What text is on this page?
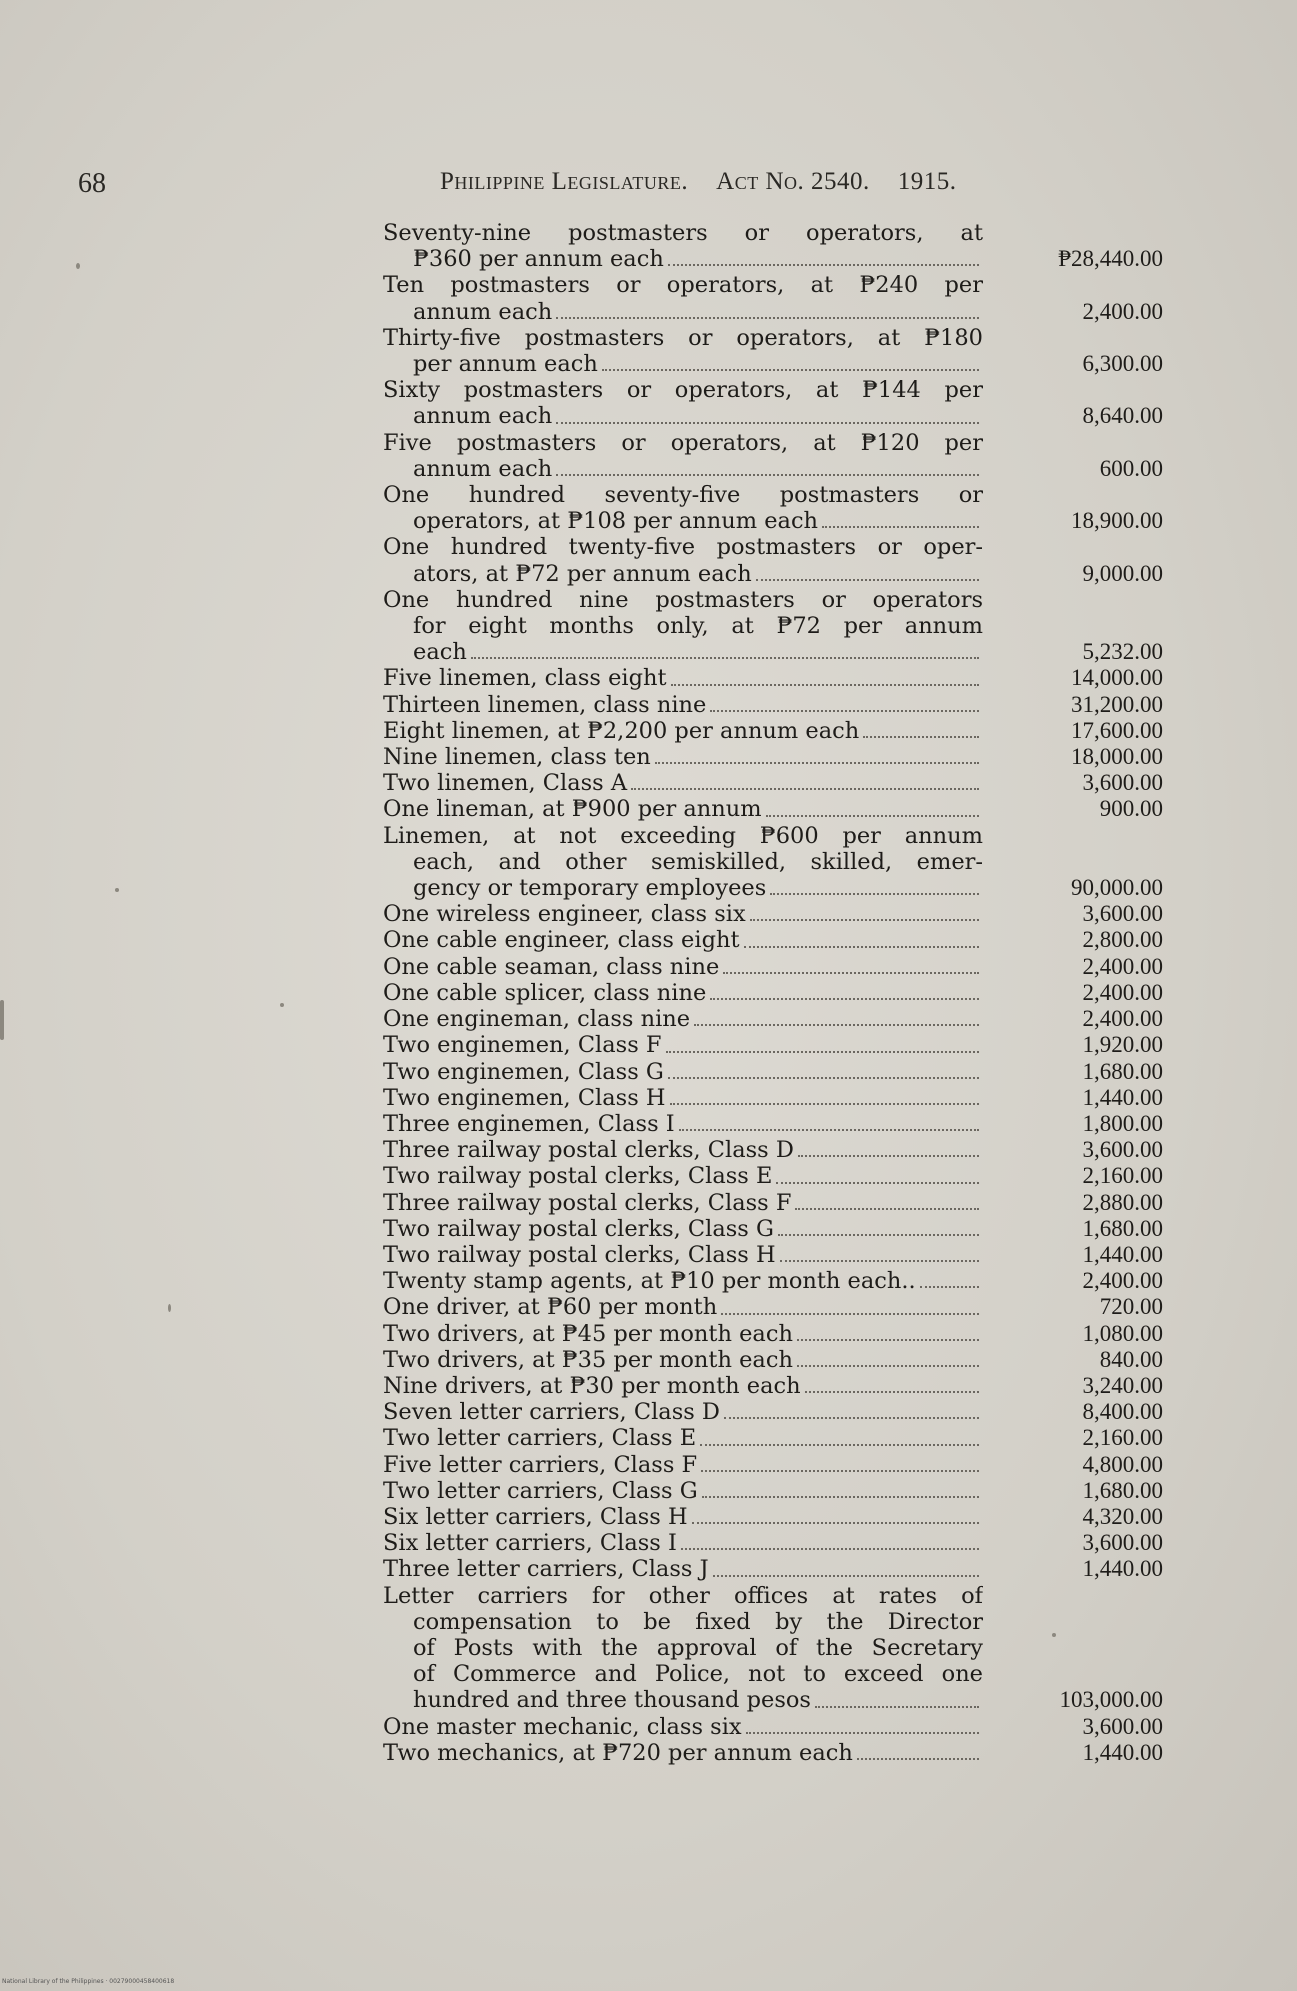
68	Philippine Legislature. Act No. 2540. 1915.
Seventy-nine postmasters or operators, at
₱360 per annum each	₱28,440.00
Ten postmasters or operators, at ₱240 per
annum each	2,400.00
Thirty-five postmasters or operators, at ₱180
per annum each	6,300.00
Sixty postmasters or operators, at ₱144 per
annum each	8,640.00
Five postmasters or operators, at ₱120 per
annum each	600.00
One hundred seventy-five postmasters or
operators, at ₱108 per annum each	18,900.00
One hundred twenty-five postmasters or oper-
ators, at ₱72 per annum each	9,000.00
One hundred nine postmasters or operators
for eight months only, at ₱72 per annum
each	5,232.00
Five linemen, class eight	14,000.00
Thirteen linemen, class nine	31,200.00
Eight linemen, at ₱2,200 per annum each	17,600.00
Nine linemen, class ten	18,000.00
Two linemen, Class A	3,600.00
One lineman, at ₱900 per annum	900.00
Linemen, at not exceeding ₱600 per annum
each, and other semiskilled, skilled, emer-
gency or temporary employees	90,000.00
One wireless engineer, class six	3,600.00
One cable engineer, class eight	2,800.00
One cable seaman, class nine	2,400.00
One cable splicer, class nine	2,400.00
One engineman, class nine	2,400.00
Two enginemen, Class F	1,920.00
Two enginemen, Class G	1,680.00
Two enginemen, Class H	1,440.00
Three enginemen, Class I	1,800.00
Three railway postal clerks, Class D	3,600.00
Two railway postal clerks, Class E	2,160.00
Three railway postal clerks, Class F	2,880.00
Two railway postal clerks, Class G	1,680.00
Two railway postal clerks, Class H	1,440.00
Twenty stamp agents, at ₱10 per month each..	2,400.00
One driver, at ₱60 per month	720.00
Two drivers, at ₱45 per month each	1,080.00
Two drivers, at ₱35 per month each	840.00
Nine drivers, at ₱30 per month each	3,240.00
Seven letter carriers, Class D	8,400.00
Two letter carriers, Class E	2,160.00
Five letter carriers, Class F	4,800.00
Two letter carriers, Class G	1,680.00
Six letter carriers, Class H	4,320.00
Six letter carriers, Class I	3,600.00
Three letter carriers, Class J	1,440.00
Letter carriers for other offices at rates of
compensation to be fixed by the Director
of Posts with the approval of the Secretary
of Commerce and Police, not to exceed one
hundred and three thousand pesos	103,000.00
One master mechanic, class six	3,600.00
Two mechanics, at ₱720 per annum each	1,440.00
National Library of the Philippines · 00279000458400618
